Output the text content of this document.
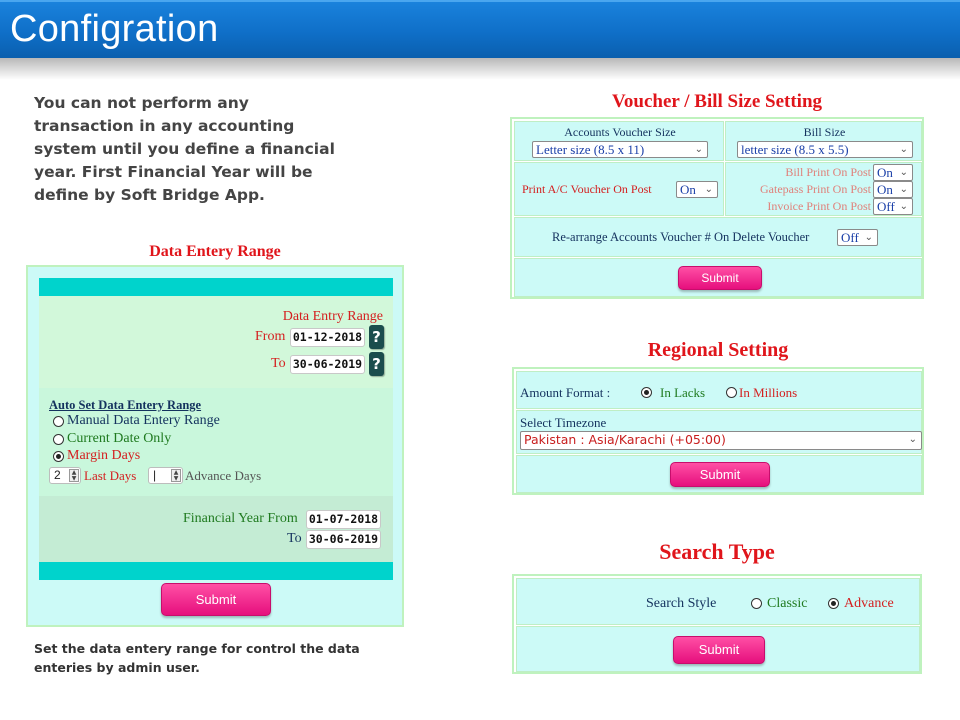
Configration
You can not perform any transaction in any accounting system until you define a financial year. First Financial Year will be define by Soft Bridge App.
Data Entery Range
Data Entry Range
From 01-12-2018 ?
To 30-06-2019 ?
Auto Set Data Entery Range
Manual Data Entery Range
Current Date Only
Margin Days
2	▲
▼ Last Days	|	▲
▼ Advance Days
Financial Year From 01-07-2018
To 30-06-2019
Submit
Set the data entery range for control the data enteries by admin user.
Voucher / Bill Size Setting
Accounts Voucher Size
Letter size (8.5 x 11)	⌄
Bill Size
letter size (8.5 x 5.5)	⌄
Print A/C Voucher On Post	On ⌄
Bill Print On Post On ⌄
Gatepass Print On Post On ⌄
Invoice Print On Post Off ⌄
Re-arrange Accounts Voucher # On Delete Voucher	Off ⌄
Submit
Regional Setting
Amount Format :	In Lacks	In Millions
Select Timezone
Pakistan : Asia/Karachi (+05:00)	⌄
Submit
Search Type
Search Style	Classic	Advance
Submit
